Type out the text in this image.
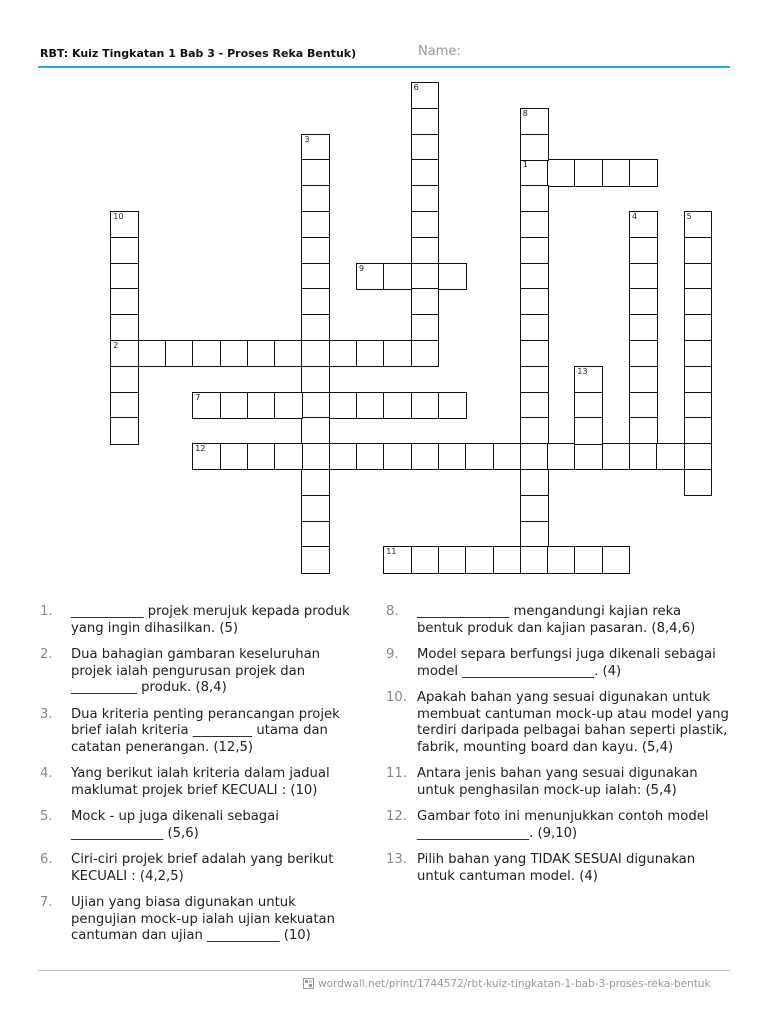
RBT: Kuiz Tingkatan 1 Bab 3 - Proses Reka Bentuk)	Name:
1
2
3
4	5
6
7
8
9
10
11
12
13
1. ___________ projek merujuk kepada produk yang ingin dihasilkan. (5)
2. Dua bahagian gambaran keseluruhan projek ialah pengurusan projek dan __________ produk. (8,4)
3. Dua kriteria penting perancangan projek brief ialah kriteria _________ utama dan catatan penerangan. (12,5)
4. Yang berikut ialah kriteria dalam jadual maklumat projek brief KECUALI : (10)
5. Mock - up juga dikenali sebagai ______________ (5,6)
6. Ciri-ciri projek brief adalah yang berikut KECUALI : (4,2,5)
7. Ujian yang biasa digunakan untuk pengujian mock-up ialah ujian kekuatan cantuman dan ujian ___________ (10)
8. ______________ mengandungi kajian reka bentuk produk dan kajian pasaran. (8,4,6)
9. Model separa berfungsi juga dikenali sebagai model ____________________. (4)
10. Apakah bahan yang sesuai digunakan untuk membuat cantuman mock-up atau model yang terdiri daripada pelbagai bahan seperti plastik, fabrik, mounting board dan kayu. (5,4)
11. Antara jenis bahan yang sesuai digunakan untuk penghasilan mock-up ialah: (5,4)
12. Gambar foto ini menunjukkan contoh model _________________. (9,10)
13. Pilih bahan yang TIDAK SESUAI digunakan untuk cantuman model. (4)
wordwall.net/print/1744572/rbt-kuiz-tingkatan-1-bab-3-proses-reka-bentuk
